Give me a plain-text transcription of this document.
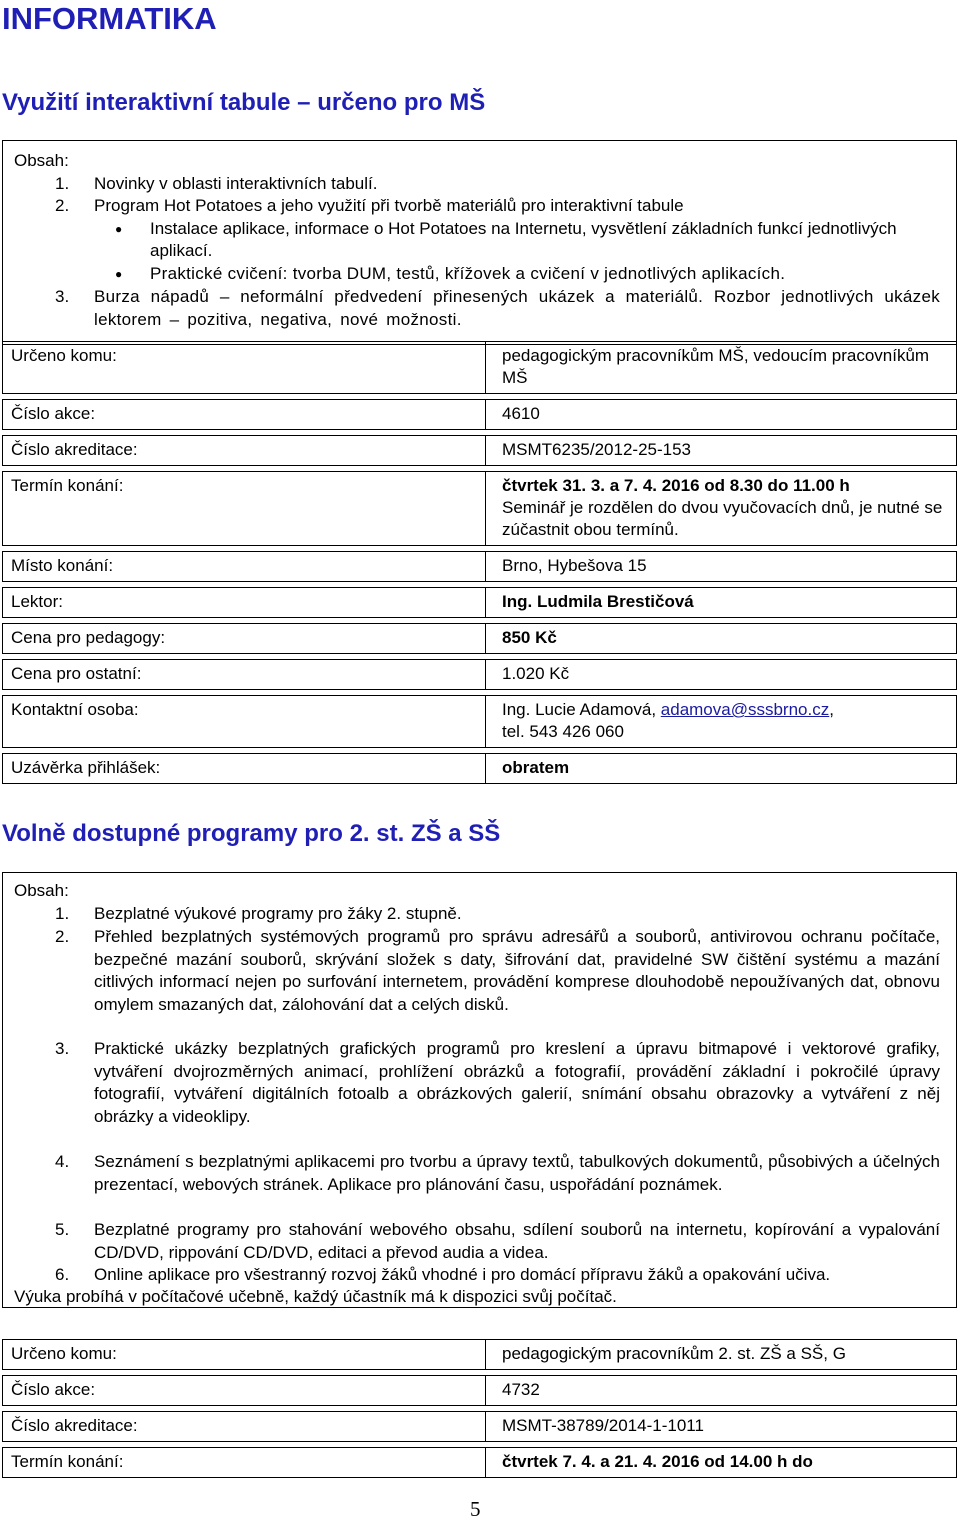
INFORMATIKA
Využití interaktivní tabule – určeno pro MŠ
Obsah:
1. Novinky v oblasti interaktivních tabulí.
2. Program Hot Potatoes a jeho využití při tvorbě materiálů pro interaktivní tabule
● Instalace aplikace, informace o Hot Potatoes na Internetu, vysvětlení základních funkcí jednotlivých aplikací.
● Praktické cvičení: tvorba DUM, testů, křížovek a cvičení v jednotlivých aplikacích.
3. Burza nápadů – neformální předvedení přinesených ukázek a materiálů. Rozbor jednotlivých ukázek lektorem – pozitiva, negativa, nové možnosti.
Určeno komu:	pedagogickým pracovníkům MŠ, vedoucím pracovníkům MŠ
Číslo akce:	4610
Číslo akreditace:	MSMT6235/2012-25-153
Termín konání:	čtvrtek 31. 3. a 7. 4. 2016 od 8.30 do 11.00 h
Seminář je rozdělen do dvou vyučovacích dnů, je nutné se zúčastnit obou termínů.

Místo konání:	Brno, Hybešova 15
Lektor:	Ing. Ludmila Brestičová
Cena pro pedagogy:	850 Kč
Cena pro ostatní:	1.020 Kč
Kontaktní osoba:	Ing. Lucie Adamová, adamova@sssbrno.cz,
tel. 543 426 060

Uzávěrka přihlášek:	obratem
Volně dostupné programy pro 2. st. ZŠ a SŠ
Obsah:
1. Bezplatné výukové programy pro žáky 2. stupně.
2. Přehled bezplatných systémových programů pro správu adresářů a souborů, antivirovou ochranu počítače, bezpečné mazání souborů, skrývání složek s daty, šifrování dat, pravidelné SW čištění systému a mazání citlivých informací nejen po surfování internetem, provádění komprese dlouhodobě nepoužívaných dat, obnovu omylem smazaných dat, zálohování dat a celých disků.
3. Praktické ukázky bezplatných grafických programů pro kreslení a úpravu bitmapové i vektorové grafiky, vytváření dvojrozměrných animací, prohlížení obrázků a fotografií, provádění základní i pokročilé úpravy fotografií, vytváření digitálních fotoalb a obrázkových galerií, snímání obsahu obrazovky a vytváření z něj obrázky a videoklipy.
4. Seznámení s bezplatnými aplikacemi pro tvorbu a úpravy textů, tabulkových dokumentů, působivých a účelných prezentací, webových stránek. Aplikace pro plánování času, uspořádání poznámek.
5. Bezplatné programy pro stahování webového obsahu, sdílení souborů na internetu, kopírování a vypalování CD/DVD, rippování CD/DVD, editaci a převod audia a videa.
6. Online aplikace pro všestranný rozvoj žáků vhodné i pro domácí přípravu žáků a opakování učiva.
Výuka probíhá v počítačové učebně, každý účastník má k dispozici svůj počítač.
Určeno komu:	pedagogickým pracovníkům 2. st. ZŠ a SŠ, G
Číslo akce:	4732
Číslo akreditace:	MSMT-38789/2014-1-1011
Termín konání:	čtvrtek 7. 4. a 21. 4. 2016 od 14.00 h do
5
